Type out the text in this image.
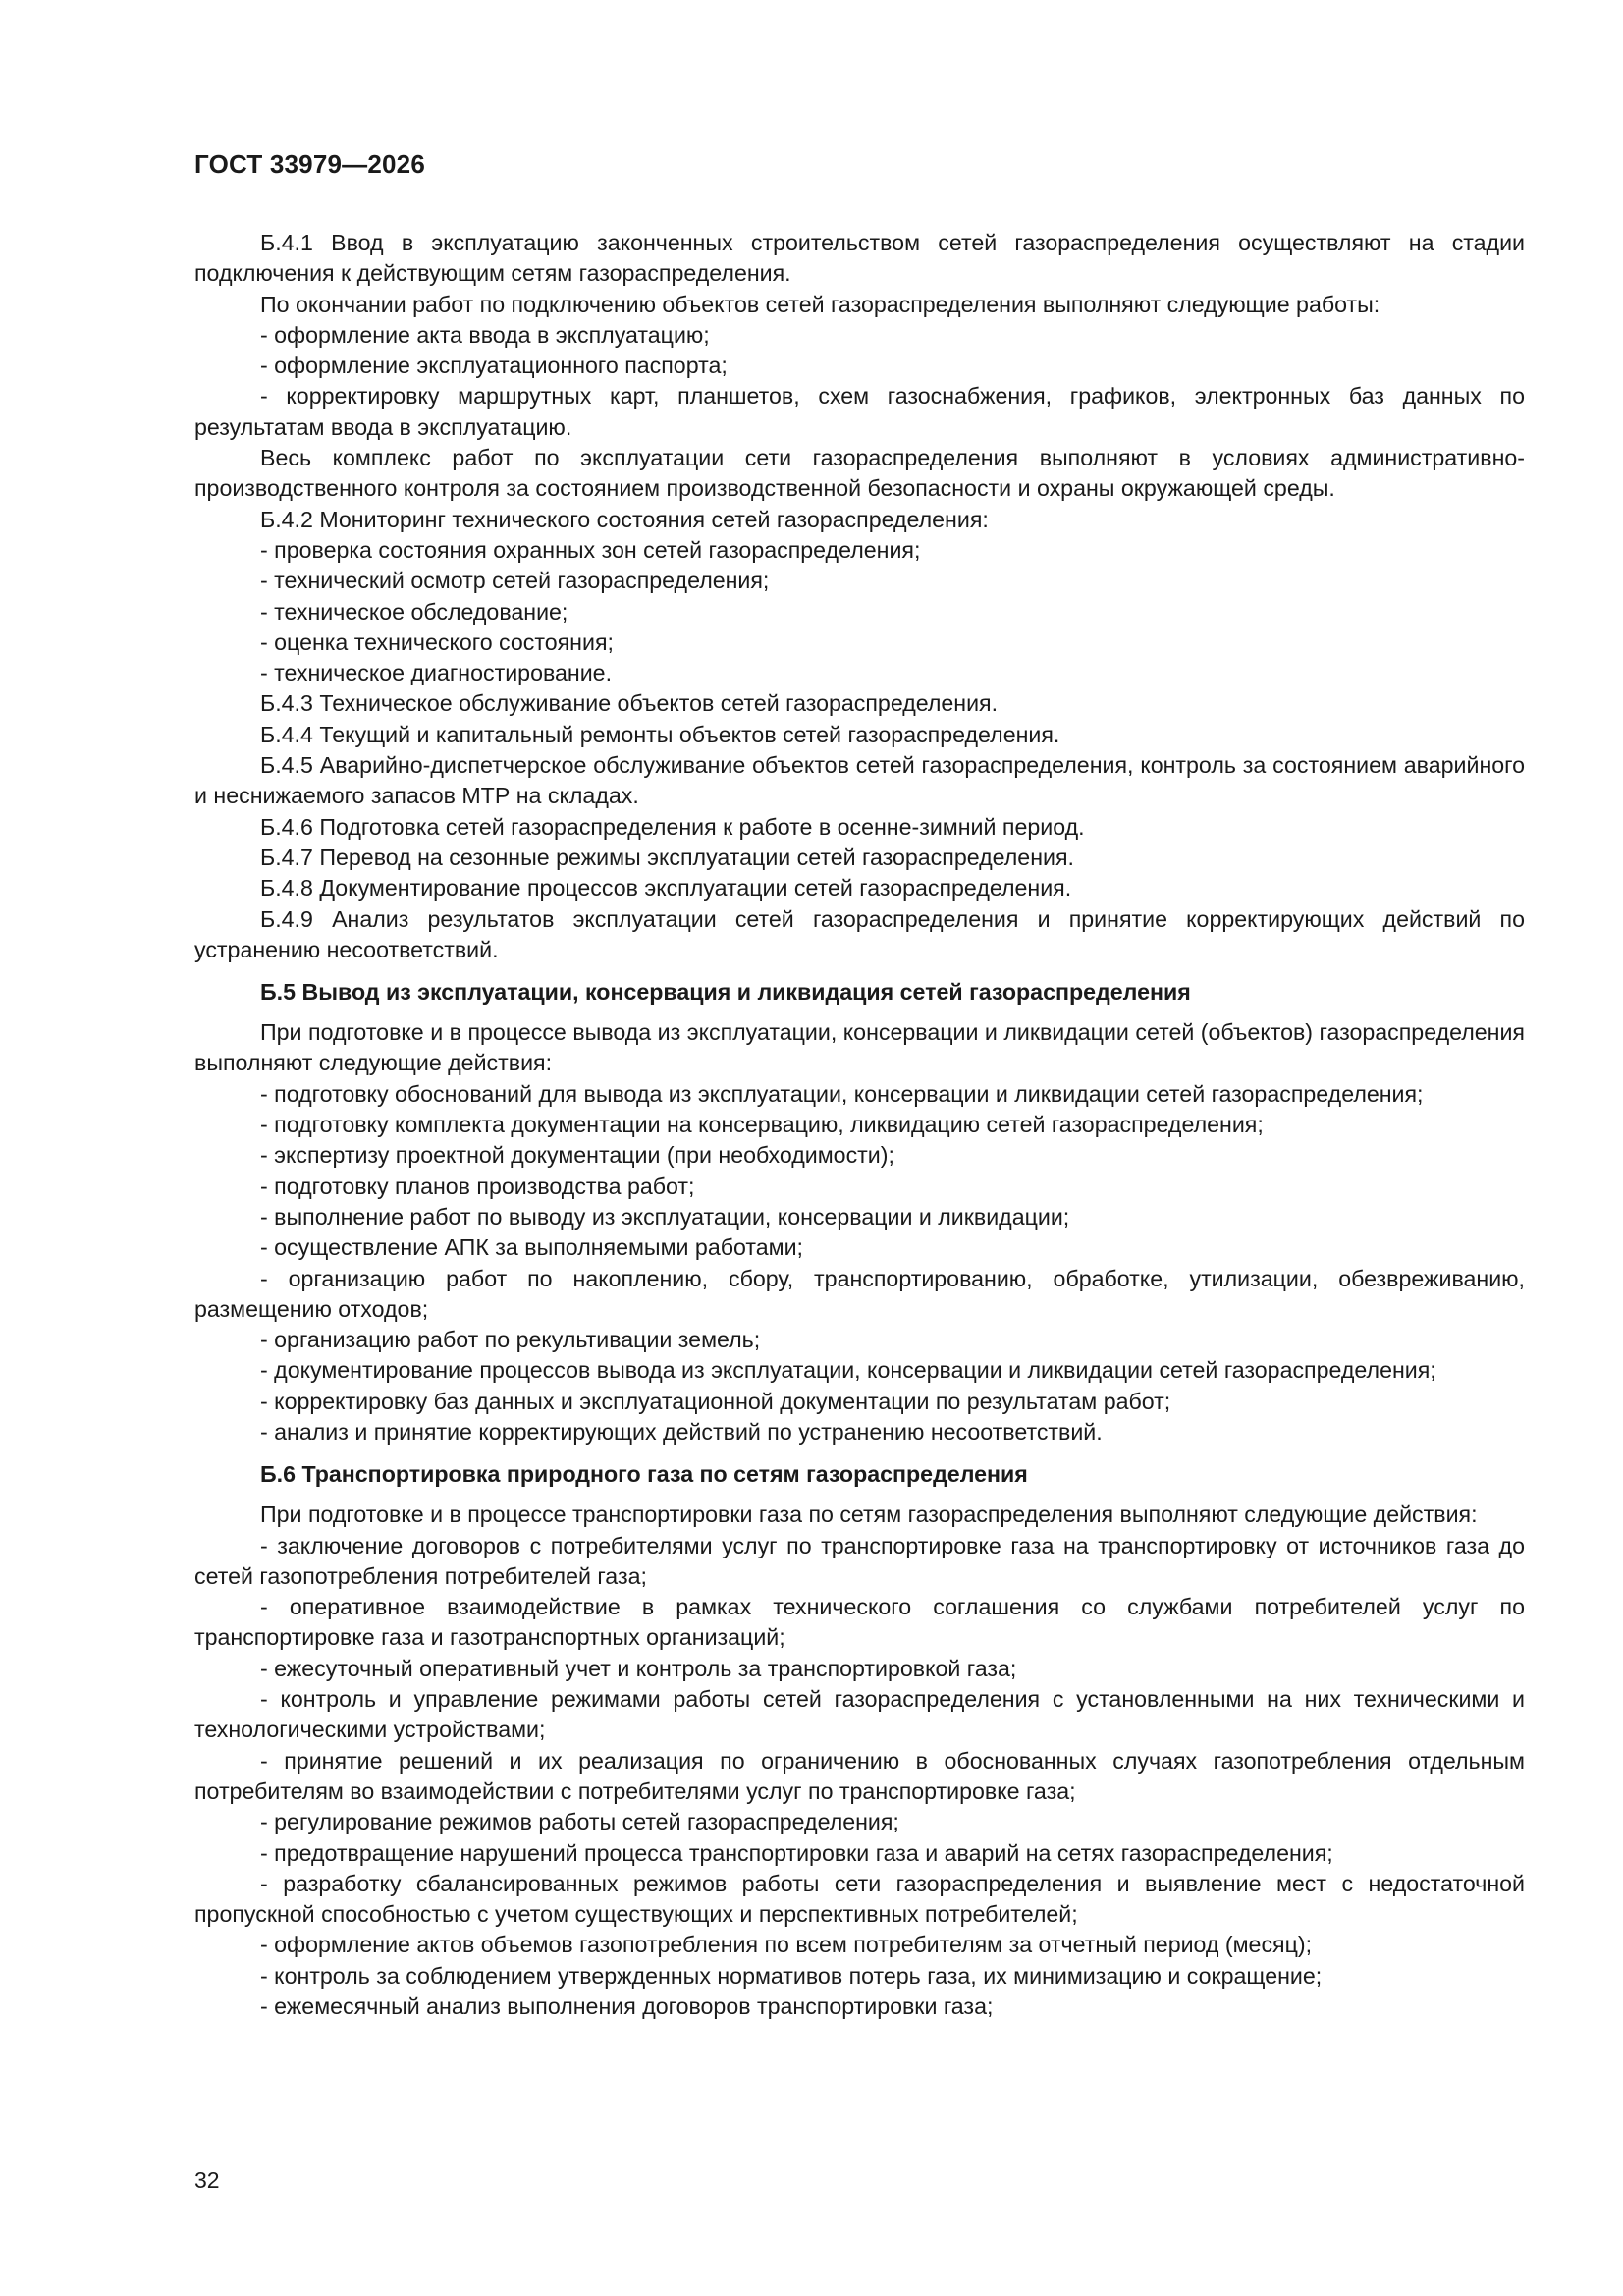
ГОСТ 33979—2026

Б.4.1 Ввод в эксплуатацию законченных строительством сетей газораспределения осуществляют на стадии подключения к действующим сетям газораспределения.

По окончании работ по подключению объектов сетей газораспределения выполняют следующие работы:

- оформление акта ввода в эксплуатацию;

- оформление эксплуатационного паспорта;

- корректировку маршрутных карт, планшетов, схем газоснабжения, графиков, электронных баз данных по результатам ввода в эксплуатацию.

Весь комплекс работ по эксплуатации сети газораспределения выполняют в условиях административно-производственного контроля за состоянием производственной безопасности и охраны окружающей среды.

Б.4.2 Мониторинг технического состояния сетей газораспределения:

- проверка состояния охранных зон сетей газораспределения;

- технический осмотр сетей газораспределения;

- техническое обследование;

- оценка технического состояния;

- техническое диагностирование.

Б.4.3 Техническое обслуживание объектов сетей газораспределения.

Б.4.4 Текущий и капитальный ремонты объектов сетей газораспределения.

Б.4.5 Аварийно-диспетчерское обслуживание объектов сетей газораспределения, контроль за состоянием аварийного и неснижаемого запасов МТР на складах.

Б.4.6 Подготовка сетей газораспределения к работе в осенне-зимний период.

Б.4.7 Перевод на сезонные режимы эксплуатации сетей газораспределения.

Б.4.8 Документирование процессов эксплуатации сетей газораспределения.

Б.4.9 Анализ результатов эксплуатации сетей газораспределения и принятие корректирующих действий по устранению несоответствий.

Б.5 Вывод из эксплуатации, консервация и ликвидация сетей газораспределения

При подготовке и в процессе вывода из эксплуатации, консервации и ликвидации сетей (объектов) газораспределения выполняют следующие действия:

- подготовку обоснований для вывода из эксплуатации, консервации и ликвидации сетей газораспределения;

- подготовку комплекта документации на консервацию, ликвидацию сетей газораспределения;

- экспертизу проектной документации (при необходимости);

- подготовку планов производства работ;

- выполнение работ по выводу из эксплуатации, консервации и ликвидации;

- осуществление АПК за выполняемыми работами;

- организацию работ по накоплению, сбору, транспортированию, обработке, утилизации, обезвреживанию, размещению отходов;

- организацию работ по рекультивации земель;

- документирование процессов вывода из эксплуатации, консервации и ликвидации сетей газораспределения;

- корректировку баз данных и эксплуатационной документации по результатам работ;

- анализ и принятие корректирующих действий по устранению несоответствий.

Б.6 Транспортировка природного газа по сетям газораспределения

При подготовке и в процессе транспортировки газа по сетям газораспределения выполняют следующие действия:

- заключение договоров с потребителями услуг по транспортировке газа на транспортировку от источников газа до сетей газопотребления потребителей газа;

- оперативное взаимодействие в рамках технического соглашения со службами потребителей услуг по транспортировке газа и газотранспортных организаций;

- ежесуточный оперативный учет и контроль за транспортировкой газа;

- контроль и управление режимами работы сетей газораспределения с установленными на них техническими и технологическими устройствами;

- принятие решений и их реализация по ограничению в обоснованных случаях газопотребления отдельным потребителям во взаимодействии с потребителями услуг по транспортировке газа;

- регулирование режимов работы сетей газораспределения;

- предотвращение нарушений процесса транспортировки газа и аварий на сетях газораспределения;

- разработку сбалансированных режимов работы сети газораспределения и выявление мест с недостаточной пропускной способностью с учетом существующих и перспективных потребителей;

- оформление актов объемов газопотребления по всем потребителям за отчетный период (месяц);

- контроль за соблюдением утвержденных нормативов потерь газа, их минимизацию и сокращение;

- ежемесячный анализ выполнения договоров транспортировки газа;

32
